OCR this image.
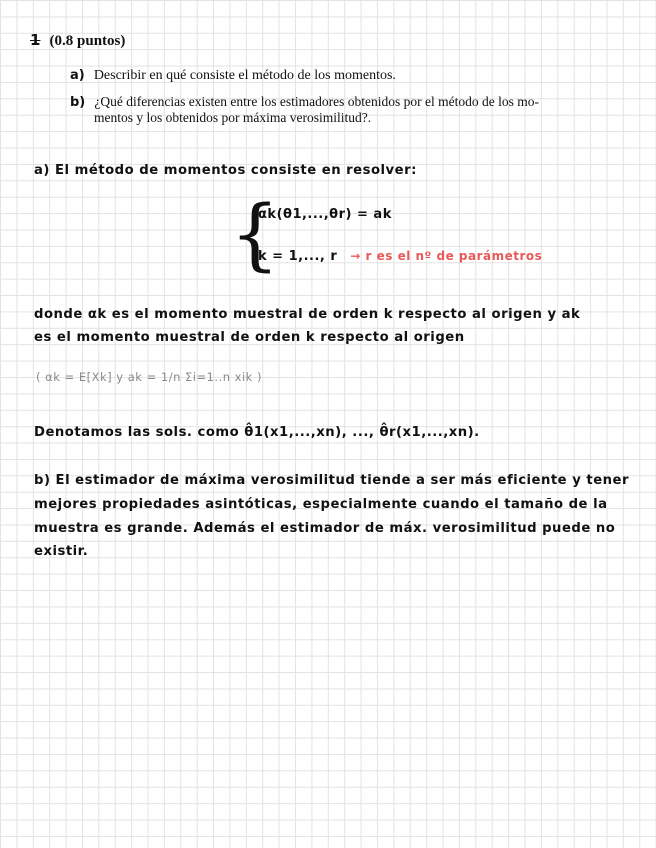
1 (0.8 puntos)
a) Describir en qué consiste el método de los momentos.
b) ¿Qué diferencias existen entre los estimadores obtenidos por el método de los mo-
mentos y los obtenidos por máxima verosimilitud?.
a) El método de momentos consiste en resolver:
{
αk(θ1,...,θr) = ak
k = 1,..., r → r es el nº de parámetros
donde αk es el momento muestral de orden k respecto al origen y ak
es el momento muestral de orden k respecto al origen
( αk = E[Xk] y ak = 1/n Σi=1..n xik )
Denotamos las sols. como θ̂1(x1,...,xn), ..., θ̂r(x1,...,xn).
b) El estimador de máxima verosimilitud tiende a ser más eficiente y tener
mejores propiedades asintóticas, especialmente cuando el tamaño de la
muestra es grande. Además el estimador de máx. verosimilitud puede no
existir.
